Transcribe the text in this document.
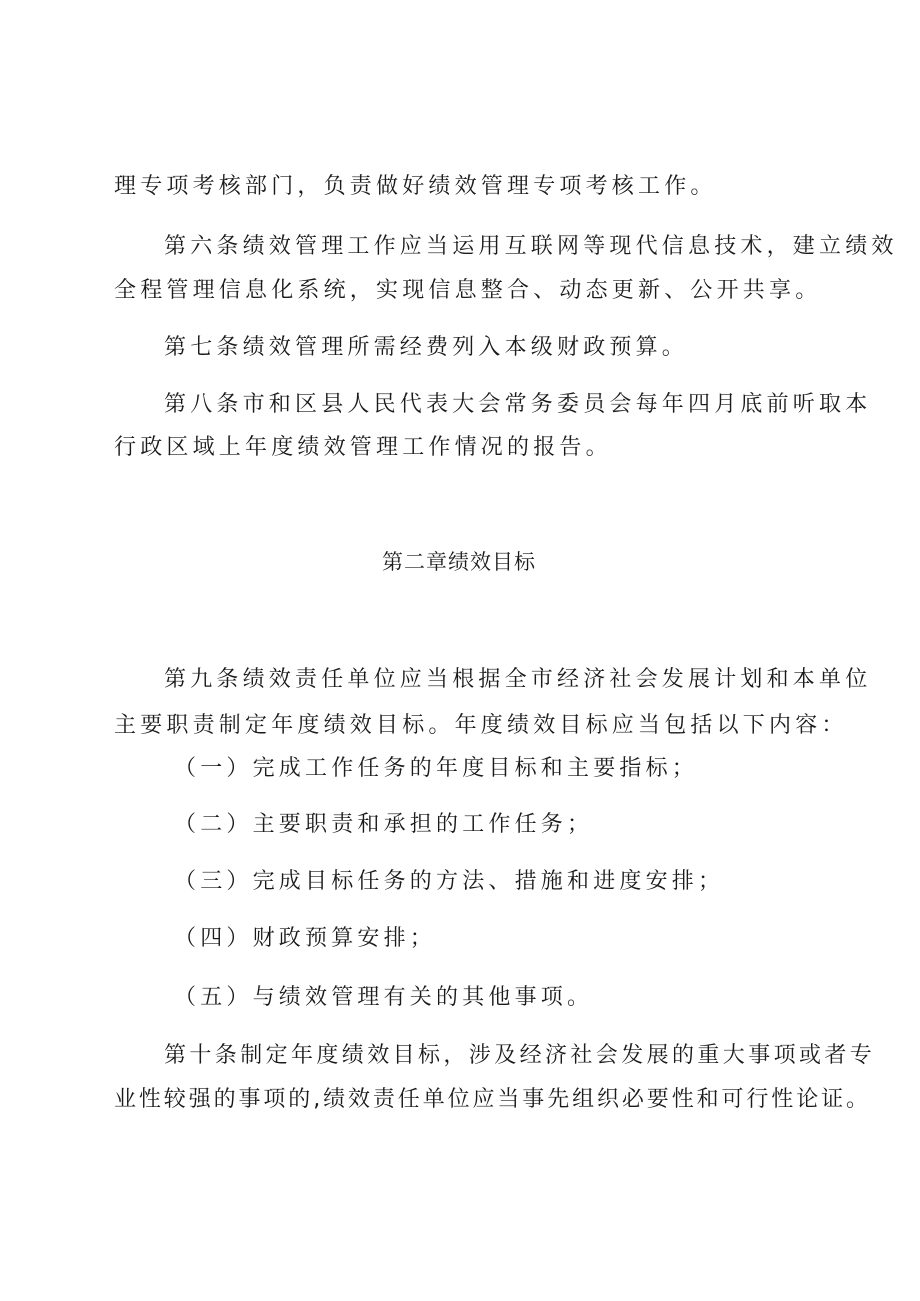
理专项考核部门，负责做好绩效管理专项考核工作。
第六条绩效管理工作应当运用互联网等现代信息技术，建立绩效
全程管理信息化系统，实现信息整合、动态更新、公开共享。
第七条绩效管理所需经费列入本级财政预算。
第八条市和区县人民代表大会常务委员会每年四月底前听取本
行政区域上年度绩效管理工作情况的报告。
第二章绩效目标
第九条绩效责任单位应当根据全市经济社会发展计划和本单位
主要职责制定年度绩效目标。年度绩效目标应当包括以下内容：
（一）完成工作任务的年度目标和主要指标；
（二）主要职责和承担的工作任务；
（三）完成目标任务的方法、措施和进度安排；
（四）财政预算安排；
（五）与绩效管理有关的其他事项。
第十条制定年度绩效目标，涉及经济社会发展的重大事项或者专
业性较强的事项的,绩效责任单位应当事先组织必要性和可行性论证。
